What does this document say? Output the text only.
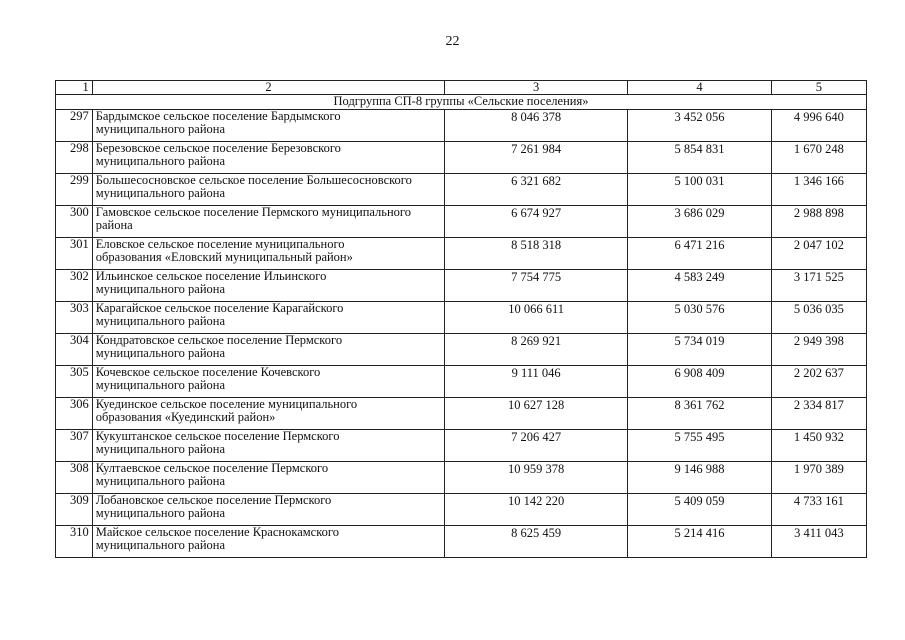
22
1	2	3	4	5
Подгруппа СП-8 группы «Сельские поселения»				
297	Бардымское сельское поселение Бардымского
муниципального района	8 046 378	3 452 056	4 996 640
298	Березовское сельское поселение Березовского
муниципального района	7 261 984	5 854 831	1 670 248
299	Большесосновское сельское поселение Большесосновского
муниципального района	6 321 682	5 100 031	1 346 166
300	Гамовское сельское поселение Пермского муниципального
района	6 674 927	3 686 029	2 988 898
301	Еловское сельское поселение муниципального
образования «Еловский муниципальный район»	8 518 318	6 471 216	2 047 102
302	Ильинское сельское поселение Ильинского
муниципального района	7 754 775	4 583 249	3 171 525
303	Карагайское сельское поселение Карагайского
муниципального района	10 066 611	5 030 576	5 036 035
304	Кондратовское сельское поселение Пермского
муниципального района	8 269 921	5 734 019	2 949 398
305	Кочевское сельское поселение Кочевского
муниципального района	9 111 046	6 908 409	2 202 637
306	Куединское сельское поселение муниципального
образования «Куединский район»	10 627 128	8 361 762	2 334 817
307	Кукуштанское сельское поселение Пермского
муниципального района	7 206 427	5 755 495	1 450 932
308	Култаевское сельское поселение Пермского
муниципального района	10 959 378	9 146 988	1 970 389
309	Лобановское сельское поселение Пермского
муниципального района	10 142 220	5 409 059	4 733 161
310	Майское сельское поселение Краснокамского
муниципального района	8 625 459	5 214 416	3 411 043
